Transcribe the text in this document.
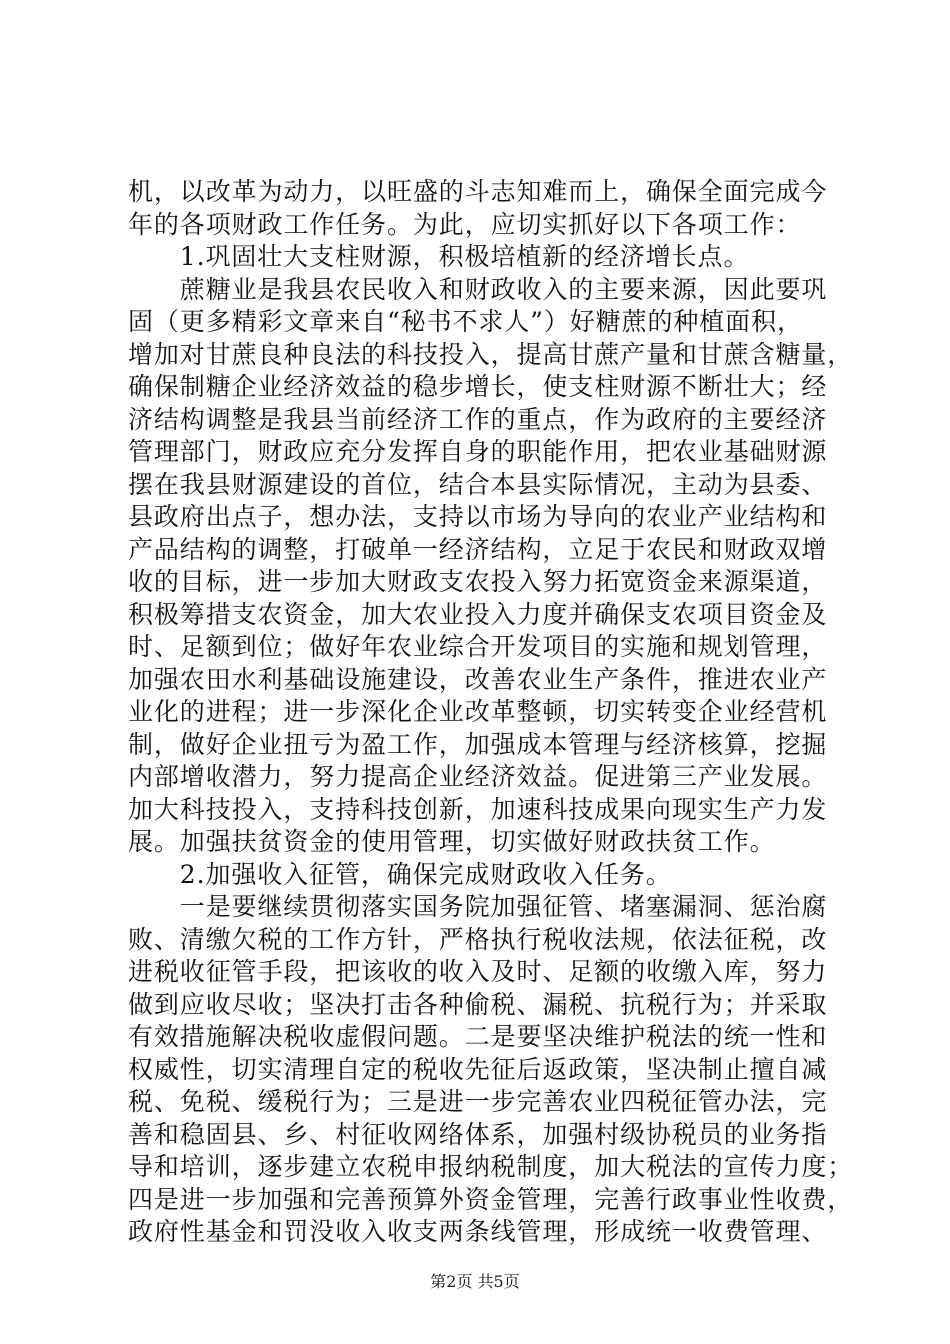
机，以改革为动力，以旺盛的斗志知难而上，确保全面完成今
年的各项财政工作任务。为此，应切实抓好以下各项工作：
　　1.巩固壮大支柱财源，积极培植新的经济增长点。
　　蔗糖业是我县农民收入和财政收入的主要来源，因此要巩
固（更多精彩文章来自“秘书不求人”）好糖蔗的种植面积，
增加对甘蔗良种良法的科技投入，提高甘蔗产量和甘蔗含糖量，
确保制糖企业经济效益的稳步增长，使支柱财源不断壮大；经
济结构调整是我县当前经济工作的重点，作为政府的主要经济
管理部门，财政应充分发挥自身的职能作用，把农业基础财源
摆在我县财源建设的首位，结合本县实际情况，主动为县委、
县政府出点子，想办法，支持以市场为导向的农业产业结构和
产品结构的调整，打破单一经济结构，立足于农民和财政双增
收的目标，进一步加大财政支农投入努力拓宽资金来源渠道，
积极筹措支农资金，加大农业投入力度并确保支农项目资金及
时、足额到位；做好年农业综合开发项目的实施和规划管理，
加强农田水利基础设施建设，改善农业生产条件，推进农业产
业化的进程；进一步深化企业改革整顿，切实转变企业经营机
制，做好企业扭亏为盈工作，加强成本管理与经济核算，挖掘
内部增收潜力，努力提高企业经济效益。促进第三产业发展。
加大科技投入，支持科技创新，加速科技成果向现实生产力发
展。加强扶贫资金的使用管理，切实做好财政扶贫工作。
　　2.加强收入征管，确保完成财政收入任务。
　　一是要继续贯彻落实国务院加强征管、堵塞漏洞、惩治腐
败、清缴欠税的工作方针，严格执行税收法规，依法征税，改
进税收征管手段，把该收的收入及时、足额的收缴入库，努力
做到应收尽收；坚决打击各种偷税、漏税、抗税行为；并采取
有效措施解决税收虚假问题。二是要坚决维护税法的统一性和
权威性，切实清理自定的税收先征后返政策，坚决制止擅自减
税、免税、缓税行为；三是进一步完善农业四税征管办法，完
善和稳固县、乡、村征收网络体系，加强村级协税员的业务指
导和培训，逐步建立农税申报纳税制度，加大税法的宣传力度；
四是进一步加强和完善预算外资金管理，完善行政事业性收费，
政府性基金和罚没收入收支两条线管理，形成统一收费管理、
第2页 共5页
